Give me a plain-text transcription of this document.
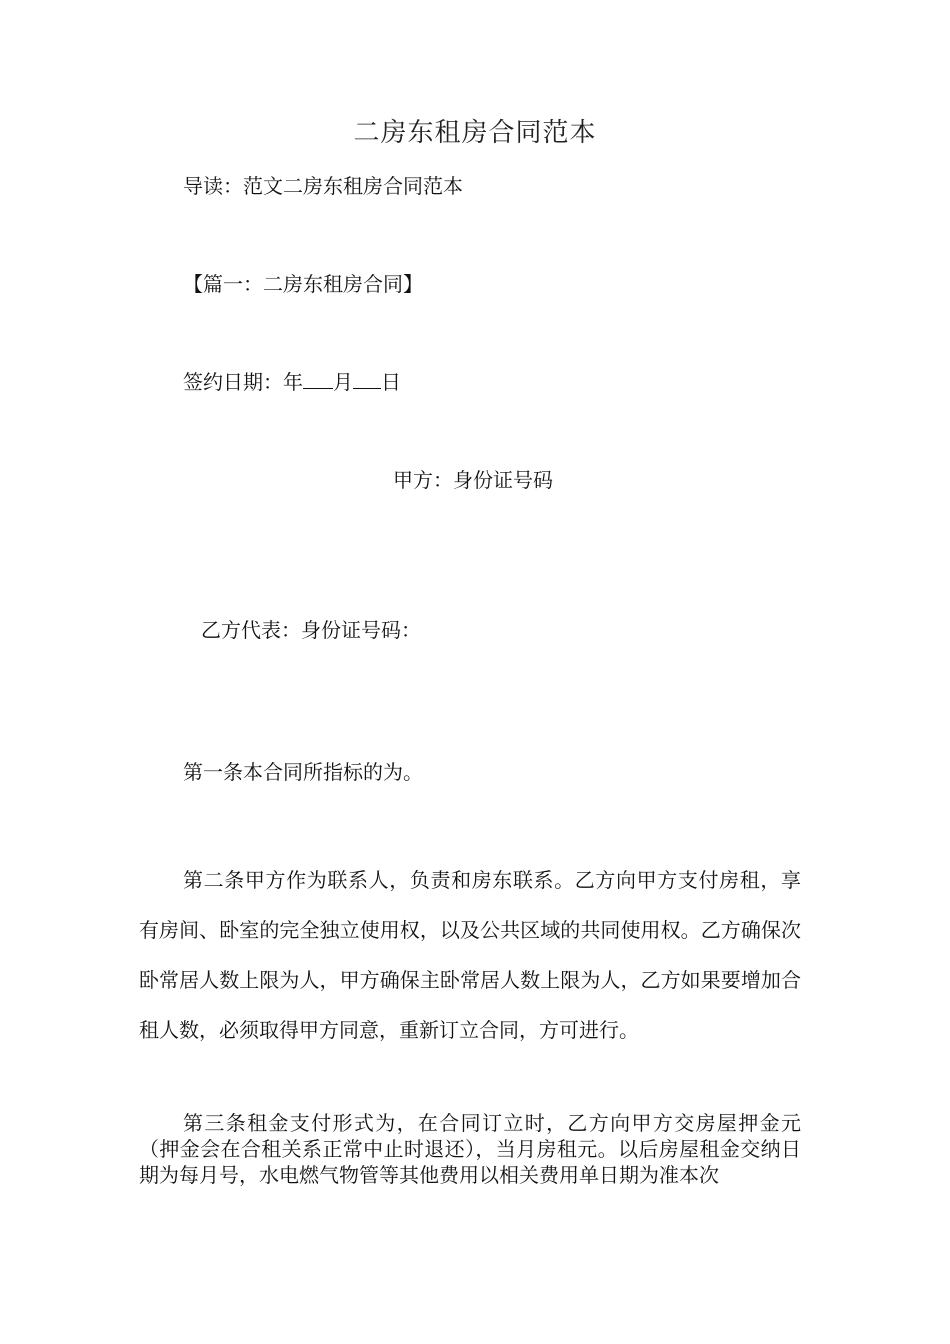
二房东租房合同范本
导读：范文二房东租房合同范本
【篇一：二房东租房合同】
签约日期：年 月 日
甲方：身份证号码
乙方代表：身份证号码：
第一条本合同所指标的为。
第二条甲方作为联系人，负责和房东联系。乙方向甲方支付房租，享有房间、卧室的完全独立使用权，以及公共区域的共同使用权。乙方确保次卧常居人数上限为人，甲方确保主卧常居人数上限为人，乙方如果要增加合租人数，必须取得甲方同意，重新订立合同，方可进行。
第三条租金支付形式为，在合同订立时，乙方向甲方交房屋押金元（押金会在合租关系正常中止时退还），当月房租元。以后房屋租金交纳日期为每月号，水电燃气物管等其他费用以相关费用单日期为准本次
